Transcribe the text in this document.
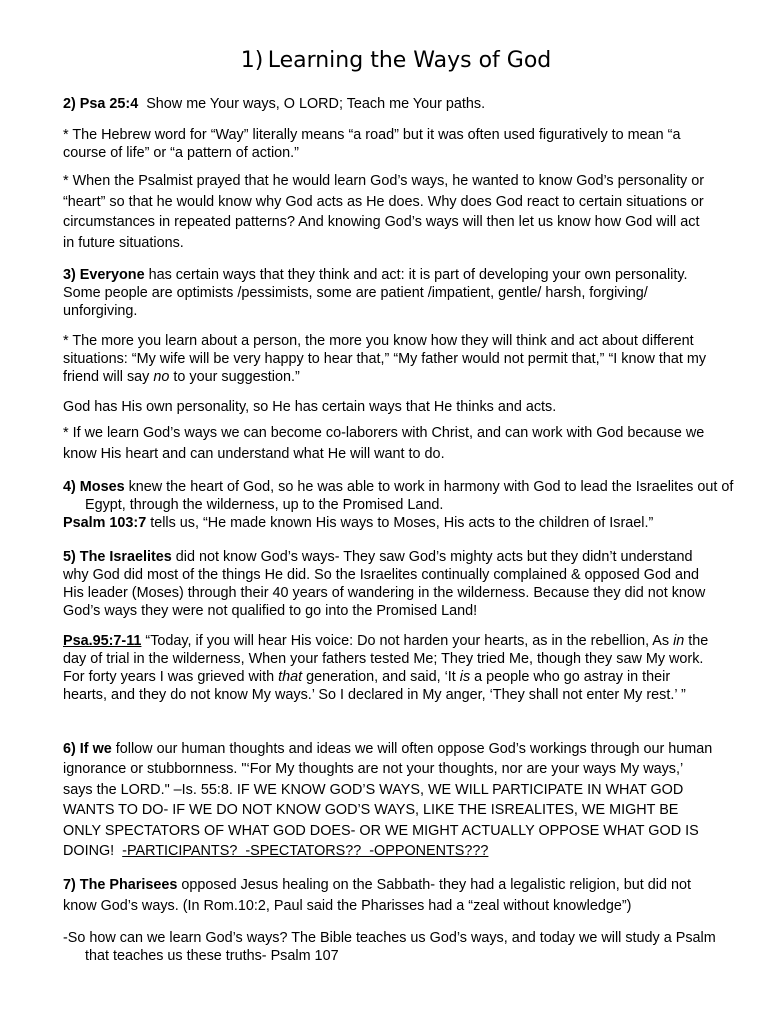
1) Learning the Ways of God
2) Psa 25:4  Show me Your ways, O LORD; Teach me Your paths.
* The Hebrew word for “Way” literally means “a road” but it was often used figuratively to mean “a course of life” or “a pattern of action.”
* When the Psalmist prayed that he would learn God’s ways, he wanted to know God’s personality or “heart” so that he would know why God acts as He does. Why does God react to certain situations or circumstances in repeated patterns? And knowing God’s ways will then let us know how God will act in future situations.
3) Everyone has certain ways that they think and act: it is part of developing your own personality. Some people are optimists /pessimists, some are patient /impatient, gentle/ harsh, forgiving/ unforgiving.
* The more you learn about a person, the more you know how they will think and act about different situations: “My wife will be very happy to hear that,” “My father would not permit that,” “I know that my friend will say no to your suggestion.”
God has His own personality, so He has certain ways that He thinks and acts.
* If we learn God’s ways we can become co-laborers with Christ, and can work with God because we know His heart and can understand what He will want to do.
4) Moses knew the heart of God, so he was able to work in harmony with God to lead the Israelites out of Egypt, through the wilderness, up to the Promised Land.
Psalm 103:7 tells us, “He made known His ways to Moses, His acts to the children of Israel.”
5) The Israelites did not know God’s ways- They saw God’s mighty acts but they didn’t understand why God did most of the things He did. So the Israelites continually complained & opposed God and His leader (Moses) through their 40 years of wandering in the wilderness. Because they did not know God’s ways they were not qualified to go into the Promised Land!
Psa.95:7-11 “Today, if you will hear His voice: Do not harden your hearts, as in the rebellion, As in the day of trial in the wilderness, When your fathers tested Me; They tried Me, though they saw My work. For forty years I was grieved with that generation, and said, ‘It is a people who go astray in their hearts, and they do not know My ways.’ So I declared in My anger, ‘They shall not enter My rest.’ ”
6) If we follow our human thoughts and ideas we will often oppose God’s workings through our human ignorance or stubbornness. "‘For My thoughts are not your thoughts, nor are your ways My ways,’ says the LORD." –Is. 55:8. IF WE KNOW GOD’S WAYS, WE WILL PARTICIPATE IN WHAT GOD WANTS TO DO- IF WE DO NOT KNOW GOD’S WAYS, LIKE THE ISREALITES, WE MIGHT BE ONLY SPECTATORS OF WHAT GOD DOES- OR WE MIGHT ACTUALLY OPPOSE WHAT GOD IS DOING!  -PARTICIPANTS?  -SPECTATORS??  -OPPONENTS???
7) The Pharisees opposed Jesus healing on the Sabbath- they had a legalistic religion, but did not know God’s ways. (In Rom.10:2, Paul said the Pharisses had a “zeal without knowledge”)
-So how can we learn God’s ways? The Bible teaches us God’s ways, and today we will study a Psalm that teaches us these truths- Psalm 107
